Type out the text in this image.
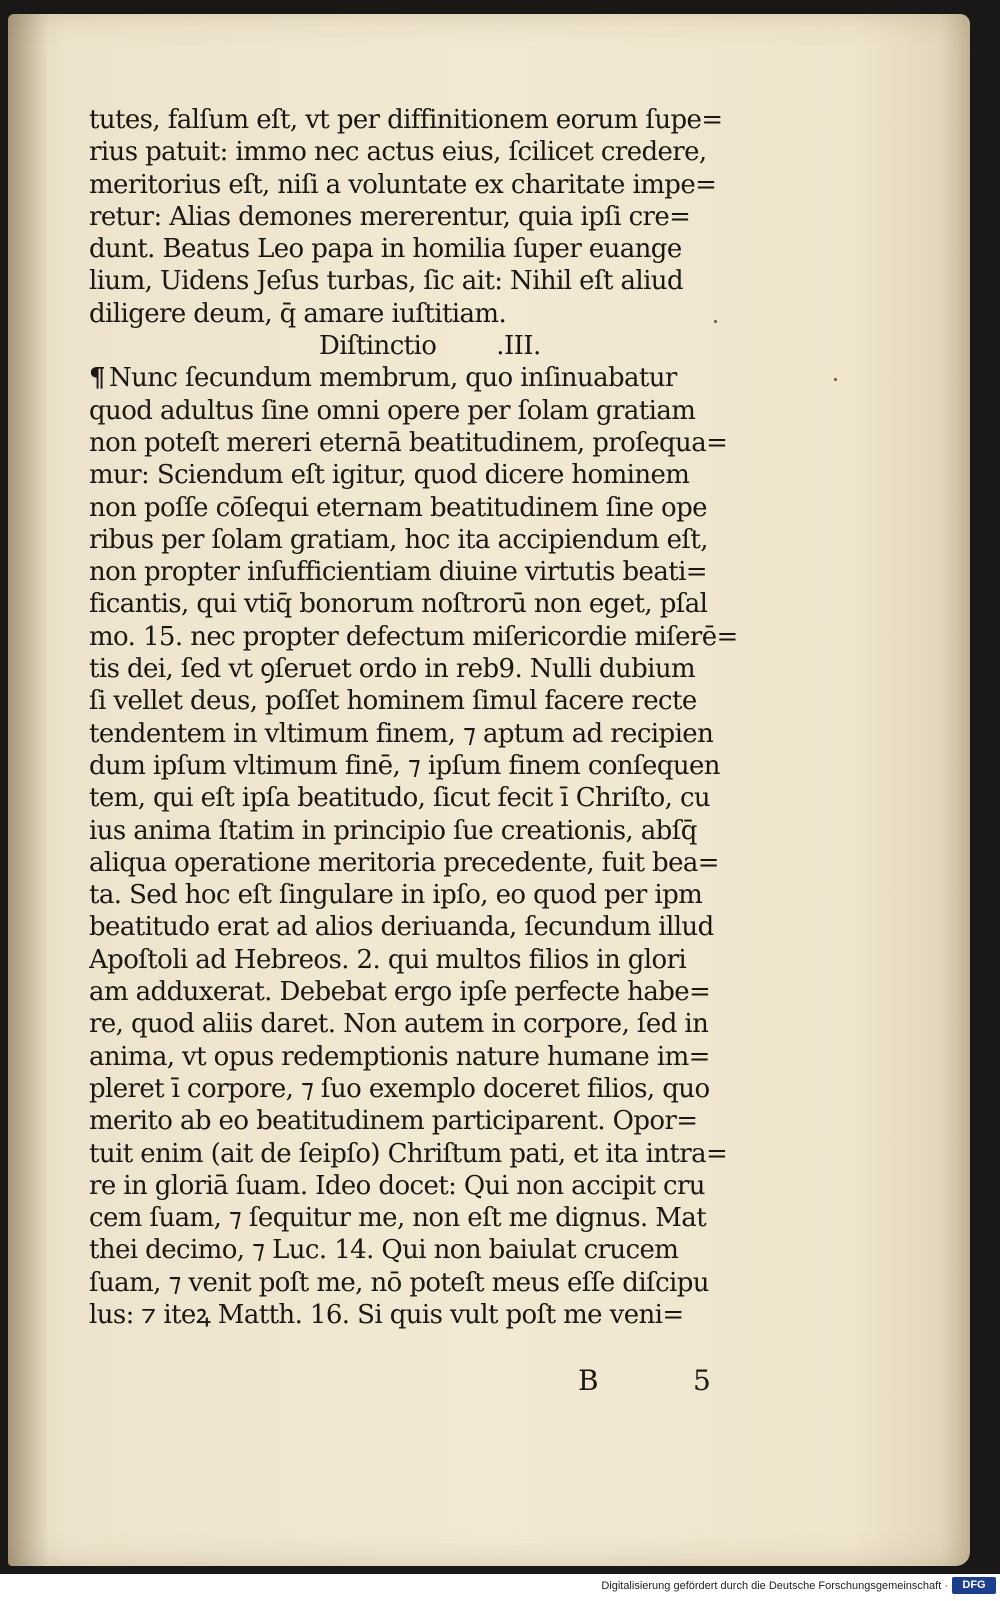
tutes, falſum eſt, vt per diffinitionem eorum ſupe=
rius patuit: immo nec actus eius, ſcilicet credere,
meritorius eſt, niſi a voluntate ex charitate impe=
retur: Alias demones mererentur, quia ipſi cre=
dunt. Beatus Leo papa in homilia ſuper euange
lium, Uidens Jeſus turbas, ſic ait: Nihil eſt aliud
diligere deum, q̄ amare iuſtitiam.
Diſtinctio .III.
¶ Nunc ſecundum membrum, quo inſinuabatur
quod adultus ſine omni opere per ſolam gratiam
non poteſt mereri eternā beatitudinem, proſequa=
mur: Sciendum eſt igitur, quod dicere hominem
non poſſe cōſequi eternam beatitudinem ſine ope
ribus per ſolam gratiam, hoc ita accipiendum eſt,
non propter inſufficientiam diuine virtutis beati=
ficantis, qui vtiq̄ bonorum noſtrorū non eget, pſal
mo. 15. nec propter defectum miſericordie miſerē=
tis dei, ſed vt ꝯſeruet ordo in reb9. Nulli dubium
ſi vellet deus, poſſet hominem ſimul facere recte
tendentem in vltimum finem, ⁊ aptum ad recipien
dum ipſum vltimum finē, ⁊ ipſum finem conſequen
tem, qui eſt ipſa beatitudo, ſicut fecit ī Chriſto, cu
ius anima ſtatim in principio ſue creationis, abſq̄
aliqua operatione meritoria precedente, fuit bea=
ta. Sed hoc eſt ſingulare in ipſo, eo quod per ipm
beatitudo erat ad alios deriuanda, ſecundum illud
Apoſtoli ad Hebreos. 2. qui multos filios in glori
am adduxerat. Debebat ergo ipſe perfecte habe=
re, quod aliis daret. Non autem in corpore, ſed in
anima, vt opus redemptionis nature humane im=
pleret ī corpore, ⁊ ſuo exemplo doceret filios, quo
merito ab eo beatitudinem participarent. Opor=
tuit enim (ait de ſeipſo) Chriſtum pati, et ita intra=
re in gloriā ſuam. Ideo docet: Qui non accipit cru
cem ſuam, ⁊ ſequitur me, non eſt me dignus. Mat
thei decimo, ⁊ Luc. 14. Qui non baiulat crucem
ſuam, ⁊ venit poſt me, nō poteſt meus eſſe diſcipu
lus: ⁊ iteꝝ Matth. 16. Si quis vult poſt me veni=
B	5
Digitalisierung gefördert durch die Deutsche Forschungsgemeinschaft ·	DFG
